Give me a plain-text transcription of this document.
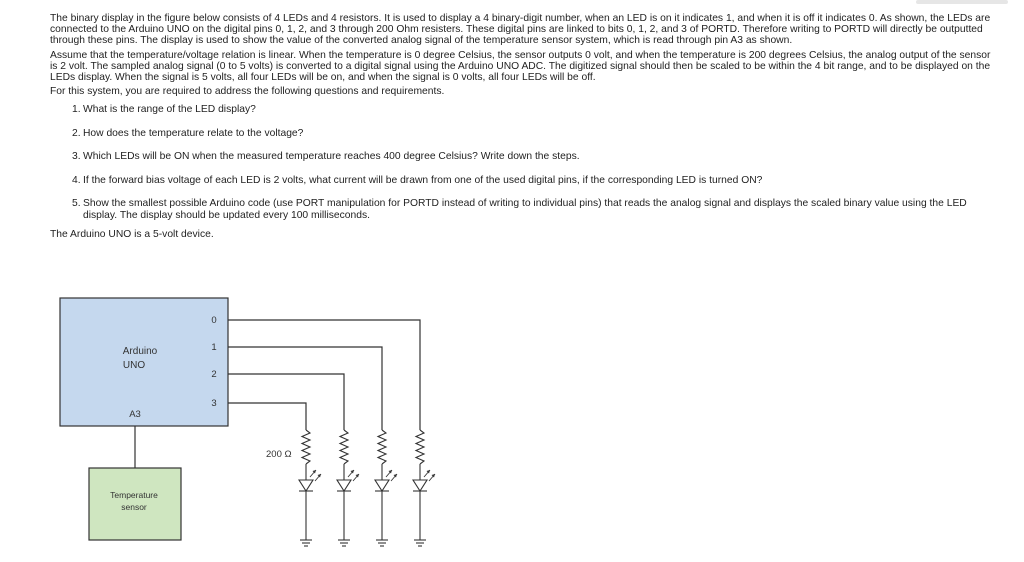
The binary display in the figure below consists of 4 LEDs and 4 resistors. It is used to display a 4 binary-digit number, when an LED is on it indicates 1, and when it is off it indicates 0. As shown, the LEDs are connected to the Arduino UNO on the digital pins 0, 1, 2, and 3 through 200 Ohm resisters. These digital pins are linked to bits 0, 1, 2, and 3 of PORTD. Therefore writing to PORTD will directly be outputted through these pins. The display is used to show the value of the converted analog signal of the temperature sensor system, which is read through pin A3 as shown.

Assume that the temperature/voltage relation is linear. When the temperature is 0 degree Celsius, the sensor outputs 0 volt, and when the temperature is 200 degrees Celsius, the analog output of the sensor is 2 volt. The sampled analog signal (0 to 5 volts) is converted to a digital signal using the Arduino UNO ADC. The digitized signal should then be scaled to be within the 4 bit range, and to be displayed on the LEDs display. When the signal is 5 volts, all four LEDs will be on, and when the signal is 0 volts, all four LEDs will be off.

For this system, you are required to address the following questions and requirements.

1. What is the range of the LED display?
2. How does the temperature relate to the voltage?
3. Which LEDs will be ON when the measured temperature reaches 400 degree Celsius? Write down the steps.
4. If the forward bias voltage of each LED is 2 volts, what current will be drawn from one of the used digital pins, if the corresponding LED is turned ON?
5. Show the smallest possible Arduino code (use PORT manipulation for PORTD instead of writing to individual pins) that reads the analog signal and displays the scaled binary value using the LED display. The display should be updated every 100 milliseconds.
The Arduino UNO is a 5-volt device.
Arduino
UNO
A3
0
1
2
3
200 Ω
Temperature
sensor
